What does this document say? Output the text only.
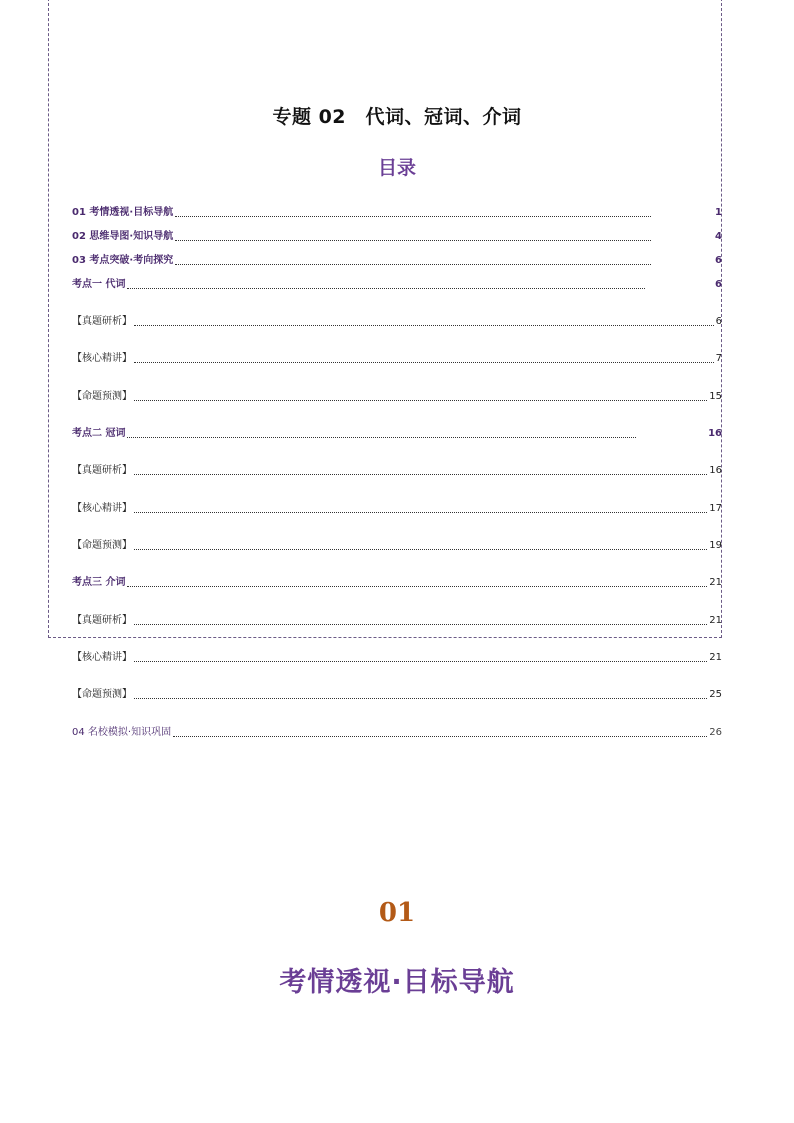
专题 02　代词、冠词、介词
目录
01 考情透视·目标导航	1
02 思维导图·知识导航	4
03 考点突破·考向探究	6
考点一 代词	6
【真题研析】	6
【核心精讲】	7
【命题预测】	15
考点二 冠词	16
【真题研析】	16
【核心精讲】	17
【命题预测】	19
考点三 介词	21
【真题研析】	21
【核心精讲】	21
【命题预测】	25
04 名校模拟·知识巩固	26
01
考情透视·目标导航
